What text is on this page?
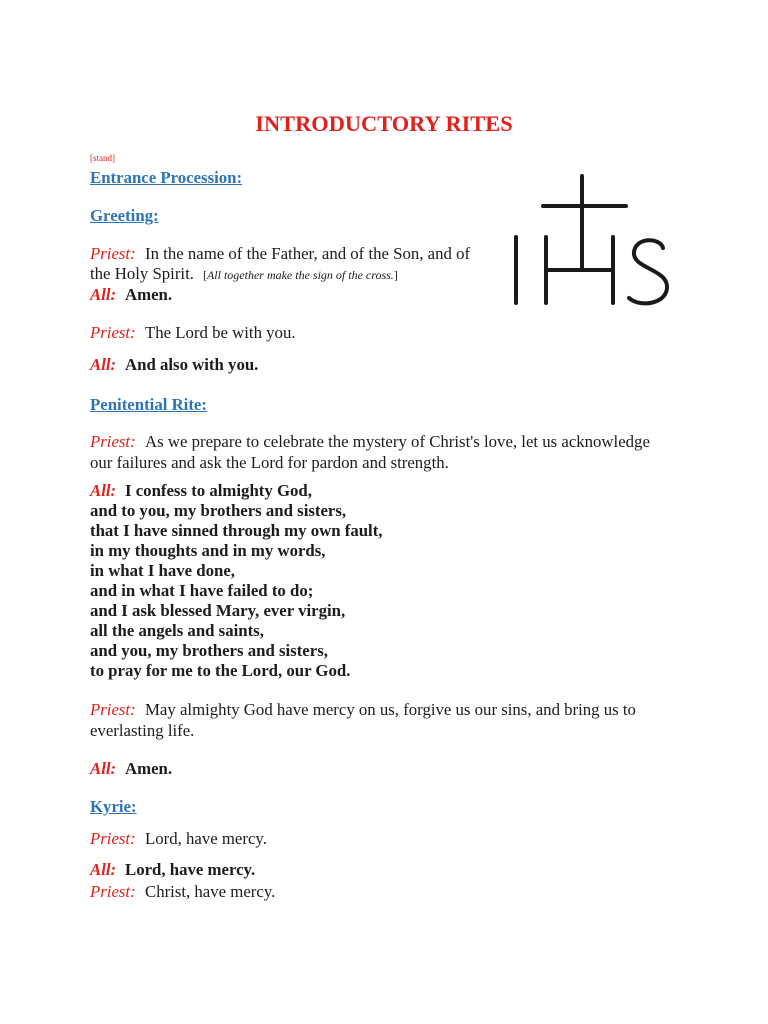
INTRODUCTORY RITES
[stand]
Entrance Procession:
Greeting:
Priest: In the name of the Father, and of the Son, and of
the Holy Spirit. [All together make the sign of the cross.]
All: Amen.
Priest: The Lord be with you.
All: And also with you.
Penitential Rite:
Priest: As we prepare to celebrate the mystery of Christ's love, let us acknowledge
our failures and ask the Lord for pardon and strength.
All: I confess to almighty God,
and to you, my brothers and sisters,
that I have sinned through my own fault,
in my thoughts and in my words,
in what I have done,
and in what I have failed to do;
and I ask blessed Mary, ever virgin,
all the angels and saints,
and you, my brothers and sisters,
to pray for me to the Lord, our God.
Priest: May almighty God have mercy on us, forgive us our sins, and bring us to
everlasting life.
All: Amen.
Kyrie:
Priest: Lord, have mercy.
All: Lord, have mercy.
Priest: Christ, have mercy.
